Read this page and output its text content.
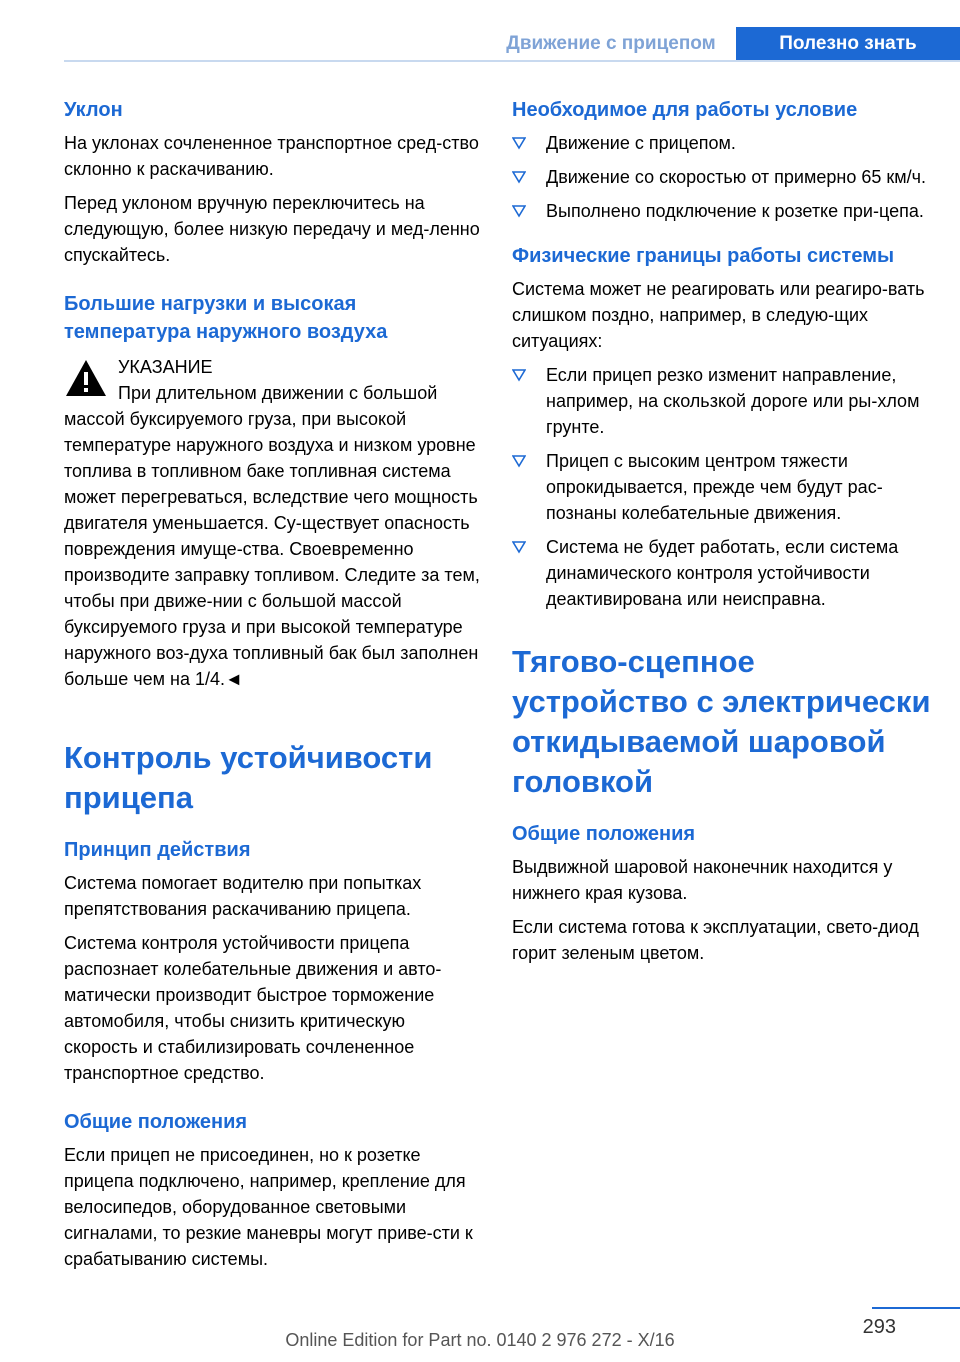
Движение с прицепом	Полезно знать
Уклон

На уклонах сочлененное транспортное сред-ство склонно к раскачиванию.

Перед уклоном вручную переключитесь на следующую, более низкую передачу и мед-ленно спускайтесь.

Большие нагрузки и высокая температура наружного воздуха
УКАЗАНИЕ
При длительном движении с большой

массой буксируемого груза, при высокой температуре наружного воздуха и низком уровне топлива в топливном баке топливная система может перегреваться, вследствие чего мощность двигателя уменьшается. Су-ществует опасность повреждения имуще-ства. Своевременно производите заправку топливом. Следите за тем, чтобы при движе-нии с большой массой буксируемого груза и при высокой температуре наружного воз-духа топливный бак был заполнен больше чем на 1/4.◄

Контроль устойчивости прицепа
Принцип действия

Система помогает водителю при попытках препятствования раскачиванию прицепа.

Система контроля устойчивости прицепа распознает колебательные движения и авто-матически производит быстрое торможение автомобиля, чтобы снизить критическую скорость и стабилизировать сочлененное транспортное средство.

Общие положения

Если прицеп не присоединен, но к розетке прицепа подключено, например, крепление для велосипедов, оборудованное световыми сигналами, то резкие маневры могут приве-сти к срабатыванию системы.

Необходимое для работы условие
Движение с прицепом.
Движение со скоростью от примерно 65 км/ч.
Выполнено подключение к розетке при-цепа.
Физические границы работы системы

Система может не реагировать или реагиро-вать слишком поздно, например, в следую-щих ситуациях:

Если прицеп резко изменит направление, например, на скользкой дороге или ры-хлом грунте.
Прицеп с высоким центром тяжести опрокидывается, прежде чем будут рас-познаны колебательные движения.
Система не будет работать, если система динамического контроля устойчивости деактивирована или неисправна.
Тягово-сцепное устройство с электрически откидываемой шаровой головкой
Общие положения

Выдвижной шаровой наконечник находится у нижнего края кузова.

Если система готова к эксплуатации, свето-диод горит зеленым цветом.

293
Online Edition for Part no. 0140 2 976 272 - X/16
